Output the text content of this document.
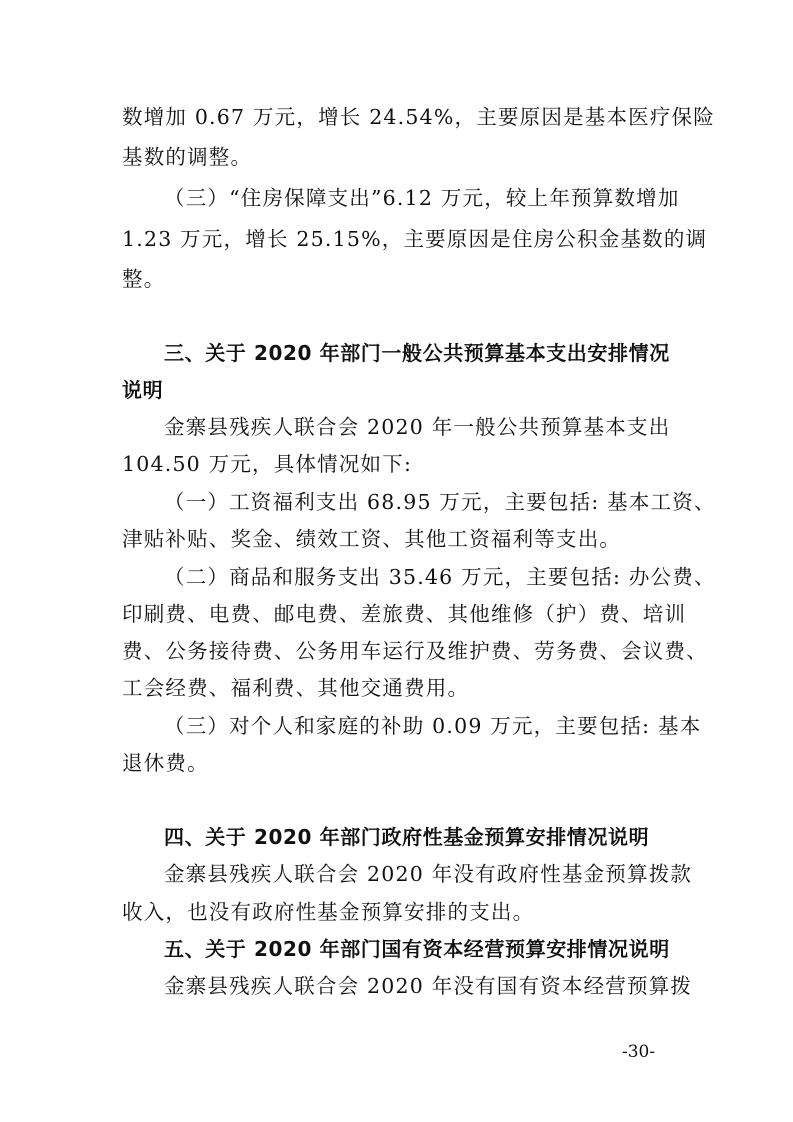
数增加 0.67 万元，增长 24.54%，主要原因是基本医疗保险
基数的调整。
（三）“住房保障支出”6.12 万元，较上年预算数增加
1.23 万元，增长 25.15%，主要原因是住房公积金基数的调
整。
三、关于 2020 年部门一般公共预算基本支出安排情况
说明
金寨县残疾人联合会 2020 年一般公共预算基本支出
104.50 万元，具体情况如下:
（一）工资福利支出 68.95 万元，主要包括: 基本工资、
津贴补贴、奖金、绩效工资、其他工资福利等支出。
（二）商品和服务支出 35.46 万元，主要包括: 办公费、
印刷费、电费、邮电费、差旅费、其他维修（护）费、培训
费、公务接待费、公务用车运行及维护费、劳务费、会议费、
工会经费、福利费、其他交通费用。
（三）对个人和家庭的补助 0.09 万元，主要包括: 基本
退休费。
四、关于 2020 年部门政府性基金预算安排情况说明
金寨县残疾人联合会 2020 年没有政府性基金预算拨款
收入，也没有政府性基金预算安排的支出。
五、关于 2020 年部门国有资本经营预算安排情况说明
金寨县残疾人联合会 2020 年没有国有资本经营预算拨
-30-
